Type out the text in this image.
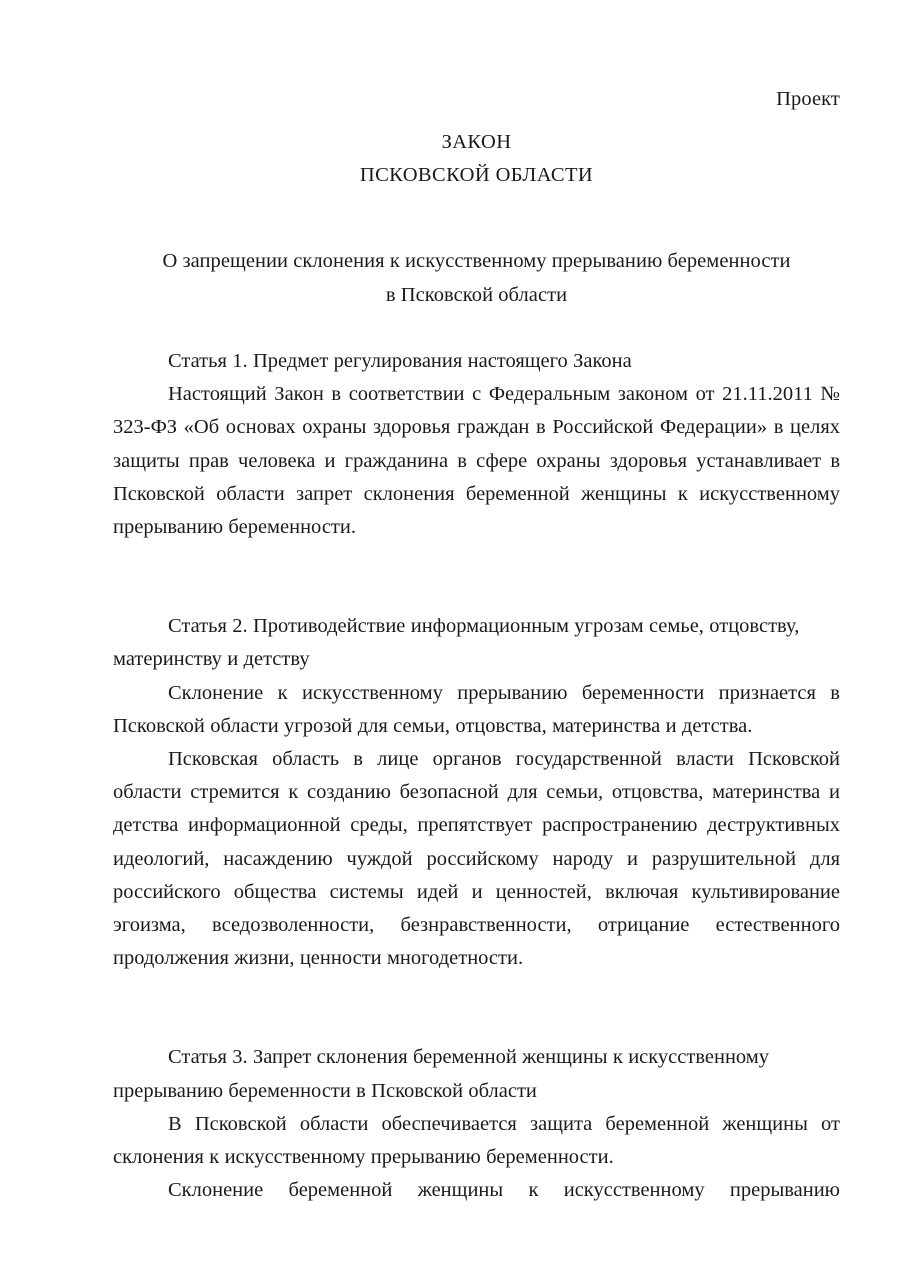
Проект
ЗАКОН
ПСКОВСКОЙ ОБЛАСТИ
О запрещении склонения к искусственному прерыванию беременности
в Псковской области

Статья 1. Предмет регулирования настоящего Закона

Настоящий Закон в соответствии с Федеральным законом от 21.11.2011 № 323-ФЗ «Об основах охраны здоровья граждан в Российской Федерации» в целях защиты прав человека и гражданина в сфере охраны здоровья устанавливает в Псковской области запрет склонения беременной женщины к искусственному прерыванию беременности.

Статья 2. Противодействие информационным угрозам семье, отцовству, материнству и детству

Склонение к искусственному прерыванию беременности признается в Псковской области угрозой для семьи, отцовства, материнства и детства.

Псковская область в лице органов государственной власти Псковской области стремится к созданию безопасной для семьи, отцовства, материнства и детства информационной среды, препятствует распространению деструктивных идеологий, насаждению чуждой российскому народу и разрушительной для российского общества системы идей и ценностей, включая культивирование эгоизма, вседозволенности, безнравственности, отрицание естественного продолжения жизни, ценности многодетности.

Статья 3. Запрет склонения беременной женщины к искусственному прерыванию беременности в Псковской области

В Псковской области обеспечивается защита беременной женщины от склонения к искусственному прерыванию беременности.

Склонение беременной женщины к искусственному прерыванию
